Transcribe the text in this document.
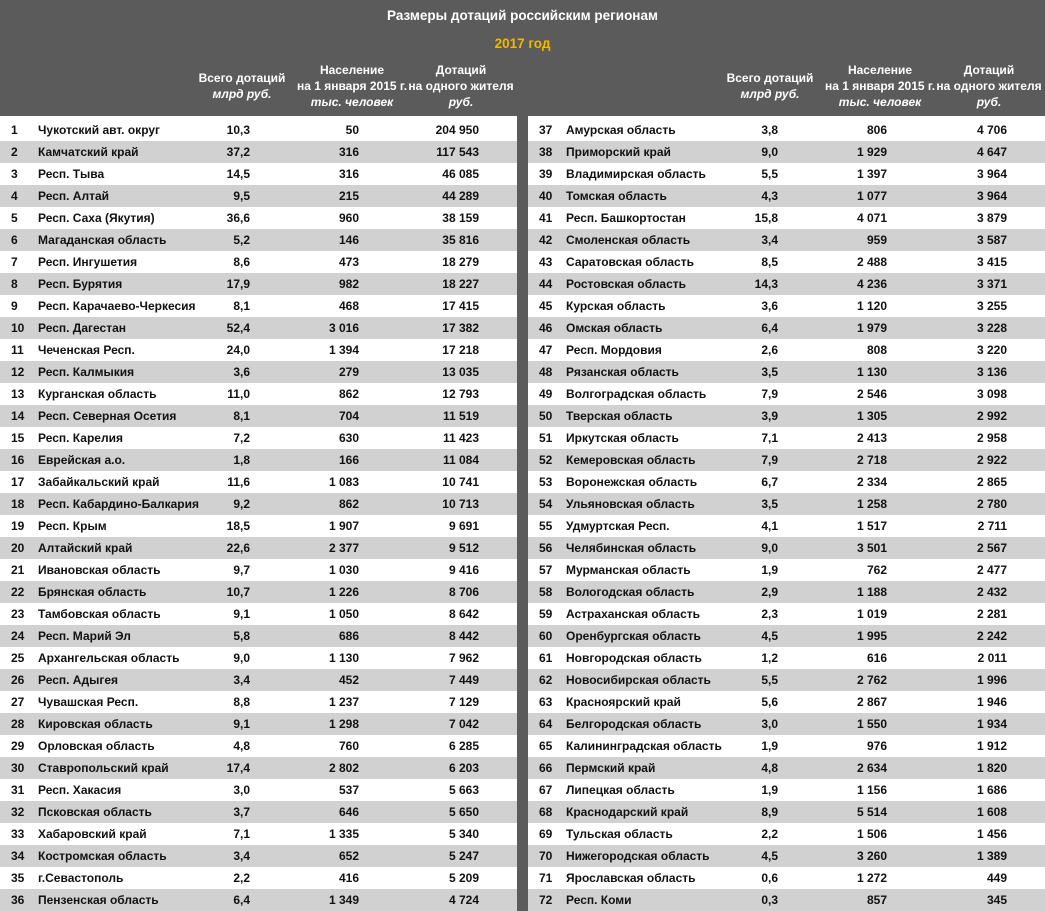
Размеры дотаций российским регионам
2017 год
Всего дотаций
млрд руб.
Население
на 1 января 2015 г.
тыс. человек
Дотаций
на одного жителя
руб.
Всего дотаций
млрд руб.
Население
на 1 января 2015 г.
тыс. человек
Дотаций
на одного жителя
руб.
1	Чукотский авт. округ	10,3	50	204 950
2	Камчатский край	37,2	316	117 543
3	Респ. Тыва	14,5	316	46 085
4	Респ. Алтай	9,5	215	44 289
5	Респ. Саха (Якутия)	36,6	960	38 159
6	Магаданская область	5,2	146	35 816
7	Респ. Ингушетия	8,6	473	18 279
8	Респ. Бурятия	17,9	982	18 227
9	Респ. Карачаево-Черкесия	8,1	468	17 415
10	Респ. Дагестан	52,4	3 016	17 382
11	Чеченская Респ.	24,0	1 394	17 218
12	Респ. Калмыкия	3,6	279	13 035
13	Курганская область	11,0	862	12 793
14	Респ. Северная Осетия	8,1	704	11 519
15	Респ. Карелия	7,2	630	11 423
16	Еврейская а.о.	1,8	166	11 084
17	Забайкальский край	11,6	1 083	10 741
18	Респ. Кабардино-Балкария	9,2	862	10 713
19	Респ. Крым	18,5	1 907	9 691
20	Алтайский край	22,6	2 377	9 512
21	Ивановская область	9,7	1 030	9 416
22	Брянская область	10,7	1 226	8 706
23	Тамбовская область	9,1	1 050	8 642
24	Респ. Марий Эл	5,8	686	8 442
25	Архангельская область	9,0	1 130	7 962
26	Респ. Адыгея	3,4	452	7 449
27	Чувашская Респ.	8,8	1 237	7 129
28	Кировская область	9,1	1 298	7 042
29	Орловская область	4,8	760	6 285
30	Ставропольский край	17,4	2 802	6 203
31	Респ. Хакасия	3,0	537	5 663
32	Псковская область	3,7	646	5 650
33	Хабаровский край	7,1	1 335	5 340
34	Костромская область	3,4	652	5 247
35	г.Севастополь	2,2	416	5 209
36	Пензенская область	6,4	1 349	4 724
37	Амурская область	3,8	806	4 706
38	Приморский край	9,0	1 929	4 647
39	Владимирская область	5,5	1 397	3 964
40	Томская область	4,3	1 077	3 964
41	Респ. Башкортостан	15,8	4 071	3 879
42	Смоленская область	3,4	959	3 587
43	Саратовская область	8,5	2 488	3 415
44	Ростовская область	14,3	4 236	3 371
45	Курская область	3,6	1 120	3 255
46	Омская область	6,4	1 979	3 228
47	Респ. Мордовия	2,6	808	3 220
48	Рязанская область	3,5	1 130	3 136
49	Волгоградская область	7,9	2 546	3 098
50	Тверская область	3,9	1 305	2 992
51	Иркутская область	7,1	2 413	2 958
52	Кемеровская область	7,9	2 718	2 922
53	Воронежская область	6,7	2 334	2 865
54	Ульяновская область	3,5	1 258	2 780
55	Удмуртская Респ.	4,1	1 517	2 711
56	Челябинская область	9,0	3 501	2 567
57	Мурманская область	1,9	762	2 477
58	Вологодская область	2,9	1 188	2 432
59	Астраханская область	2,3	1 019	2 281
60	Оренбургская область	4,5	1 995	2 242
61	Новгородская область	1,2	616	2 011
62	Новосибирская область	5,5	2 762	1 996
63	Красноярский край	5,6	2 867	1 946
64	Белгородская область	3,0	1 550	1 934
65	Калининградская область	1,9	976	1 912
66	Пермский край	4,8	2 634	1 820
67	Липецкая область	1,9	1 156	1 686
68	Краснодарский край	8,9	5 514	1 608
69	Тульская область	2,2	1 506	1 456
70	Нижегородская область	4,5	3 260	1 389
71	Ярославская область	0,6	1 272	449
72	Респ. Коми	0,3	857	345
